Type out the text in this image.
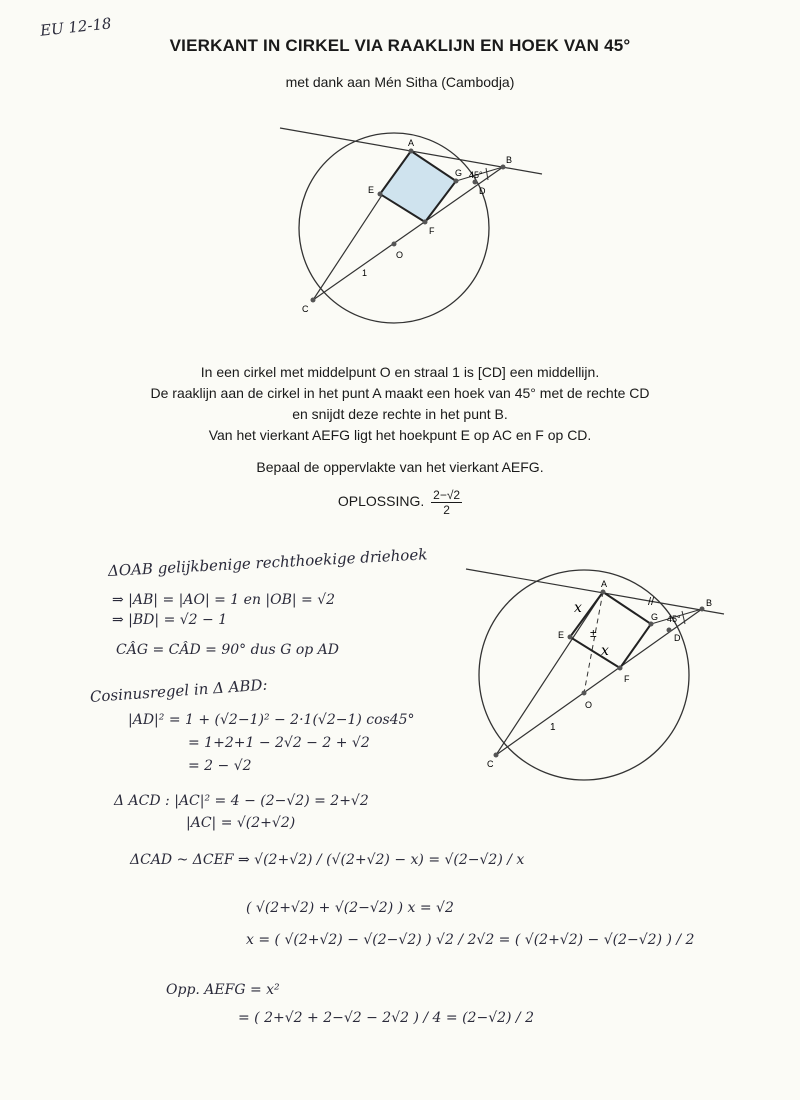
EU 12-18
VIERKANT IN CIRKEL VIA RAAKLIJN EN HOEK VAN 45°
met dank aan Mén Sitha (Cambodja)
A
B
C
D
E
F
G
O
1
45°
In een cirkel met middelpunt O en straal 1 is [CD] een middellijn.
De raaklijn aan de cirkel in het punt A maakt een hoek van 45° met de rechte CD
en snijdt deze rechte in het punt B.
Van het vierkant AEFG ligt het hoekpunt E op AC en F op CD.
Bepaal de oppervlakte van het vierkant AEFG.
OPLOSSING. $\frac{2-√2}{2}$
A
B
C
D
E
F
G
O
45°
x
x
±
//
1
ΔOAB gelijkbenige rechthoekige driehoek
⇒ |AB| = |AO| = 1 en |OB| = √2
⇒ |BD| = √2 − 1
CÂG = CÂD = 90° dus G op AD
Cosinusregel in Δ ABD:
|AD|² = 1 + (√2−1)² − 2·1(√2−1) cos45°
= 1+2+1 − 2√2 − 2 + √2
= 2 − √2
Δ ACD : |AC|² = 4 − (2−√2) = 2+√2
|AC| = √(2+√2)
ΔCAD ~ ΔCEF ⇒ √(2+√2) / (√(2+√2) − x) = √(2−√2) / x
( √(2+√2) + √(2−√2) ) x = √2
x = ( √(2+√2) − √(2−√2) ) √2 / 2√2 = ( √(2+√2) − √(2−√2) ) / 2
Opp. AEFG = x²
= ( 2+√2 + 2−√2 − 2√2 ) / 4 = (2−√2) / 2
